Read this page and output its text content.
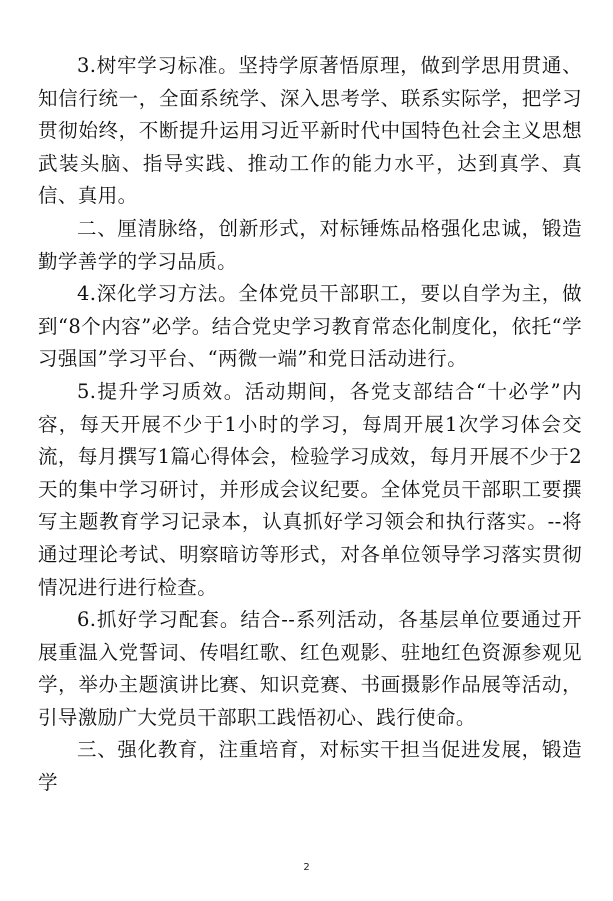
3.树牢学习标准。坚持学原著悟原理，做到学思用贯通、知信行统一，全面系统学、深入思考学、联系实际学，把学习贯彻始终，不断提升运用习近平新时代中国特色社会主义思想武装头脑、指导实践、推动工作的能力水平，达到真学、真信、真用。

二、厘清脉络，创新形式，对标锤炼品格强化忠诚，锻造勤学善学的学习品质。

4.深化学习方法。全体党员干部职工，要以自学为主，做到“8个内容”必学。结合党史学习教育常态化制度化，依托“学习强国”学习平台、“两微一端”和党日活动进行。

5.提升学习质效。活动期间，各党支部结合“十必学”内容，每天开展不少于1小时的学习，每周开展1次学习体会交流，每月撰写1篇心得体会，检验学习成效，每月开展不少于2天的集中学习研讨，并形成会议纪要。全体党员干部职工要撰写主题教育学习记录本，认真抓好学习领会和执行落实。--将通过理论考试、明察暗访等形式，对各单位领导学习落实贯彻情况进行进行检查。

6.抓好学习配套。结合--系列活动，各基层单位要通过开展重温入党誓词、传唱红歌、红色观影、驻地红色资源参观见学，举办主题演讲比赛、知识竞赛、书画摄影作品展等活动，引导激励广大党员干部职工践悟初心、践行使命。

三、强化教育，注重培育，对标实干担当促进发展，锻造学

2
